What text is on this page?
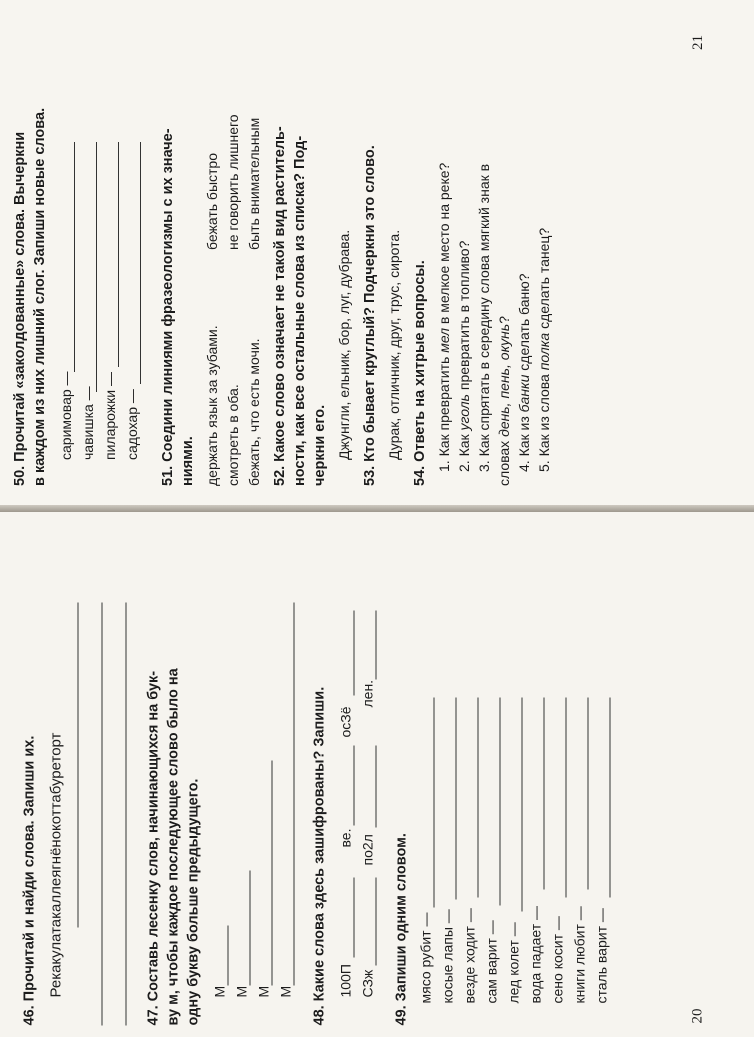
50. Прочитай «заколдованные» слова. Вычеркни в каждом из них лишний слог. Запиши новые слова. саримовар — чавишка — пиларожки — садохар — 51. Соедини линиями фразеологизмы с их значе- ниями. держать язык за зубами. смотреть в оба. бежать, что есть мочи.
бежать быстро не говорить лишнего быть внимательным 52. Какое слово означает не такой вид раститель- ности, как все остальные слова из списка? Под- черкни его. Джунгли, ельник, бор, луг, дубрава. 53. Кто бывает круглый? Подчеркни это слово. Дурак, отличник, друг, трус, сирота. 54. Ответь на хитрые вопросы. 1. Как превратить мел в мелкое место на реке?
2. Как уголь превратить в топливо? 3. Как спрятать в середину слова мягкий знак в словах день, пень, окунь?
4. Как из банки сделать баню?
5. Как из слова полка сделать танец?
21
46. Прочитай и найди слова. Запиши их. Рекакулатакаллеягнёнокоттабуреторт	47. Составь лесенку слов, начинающихся на бук- ву м, чтобы каждое последующее слово было на одну букву больше предыдущего. М М М М 48. Какие слова здесь зашифрованы? Запиши. 100П
ве.
осЗё
СЗж
по2л
лен.
49. Запиши одним словом. мясо рубит — косые лапы — везде ходит — сам варит — лед колет — вода падает — сено косит — книги любит — сталь варит —
20
